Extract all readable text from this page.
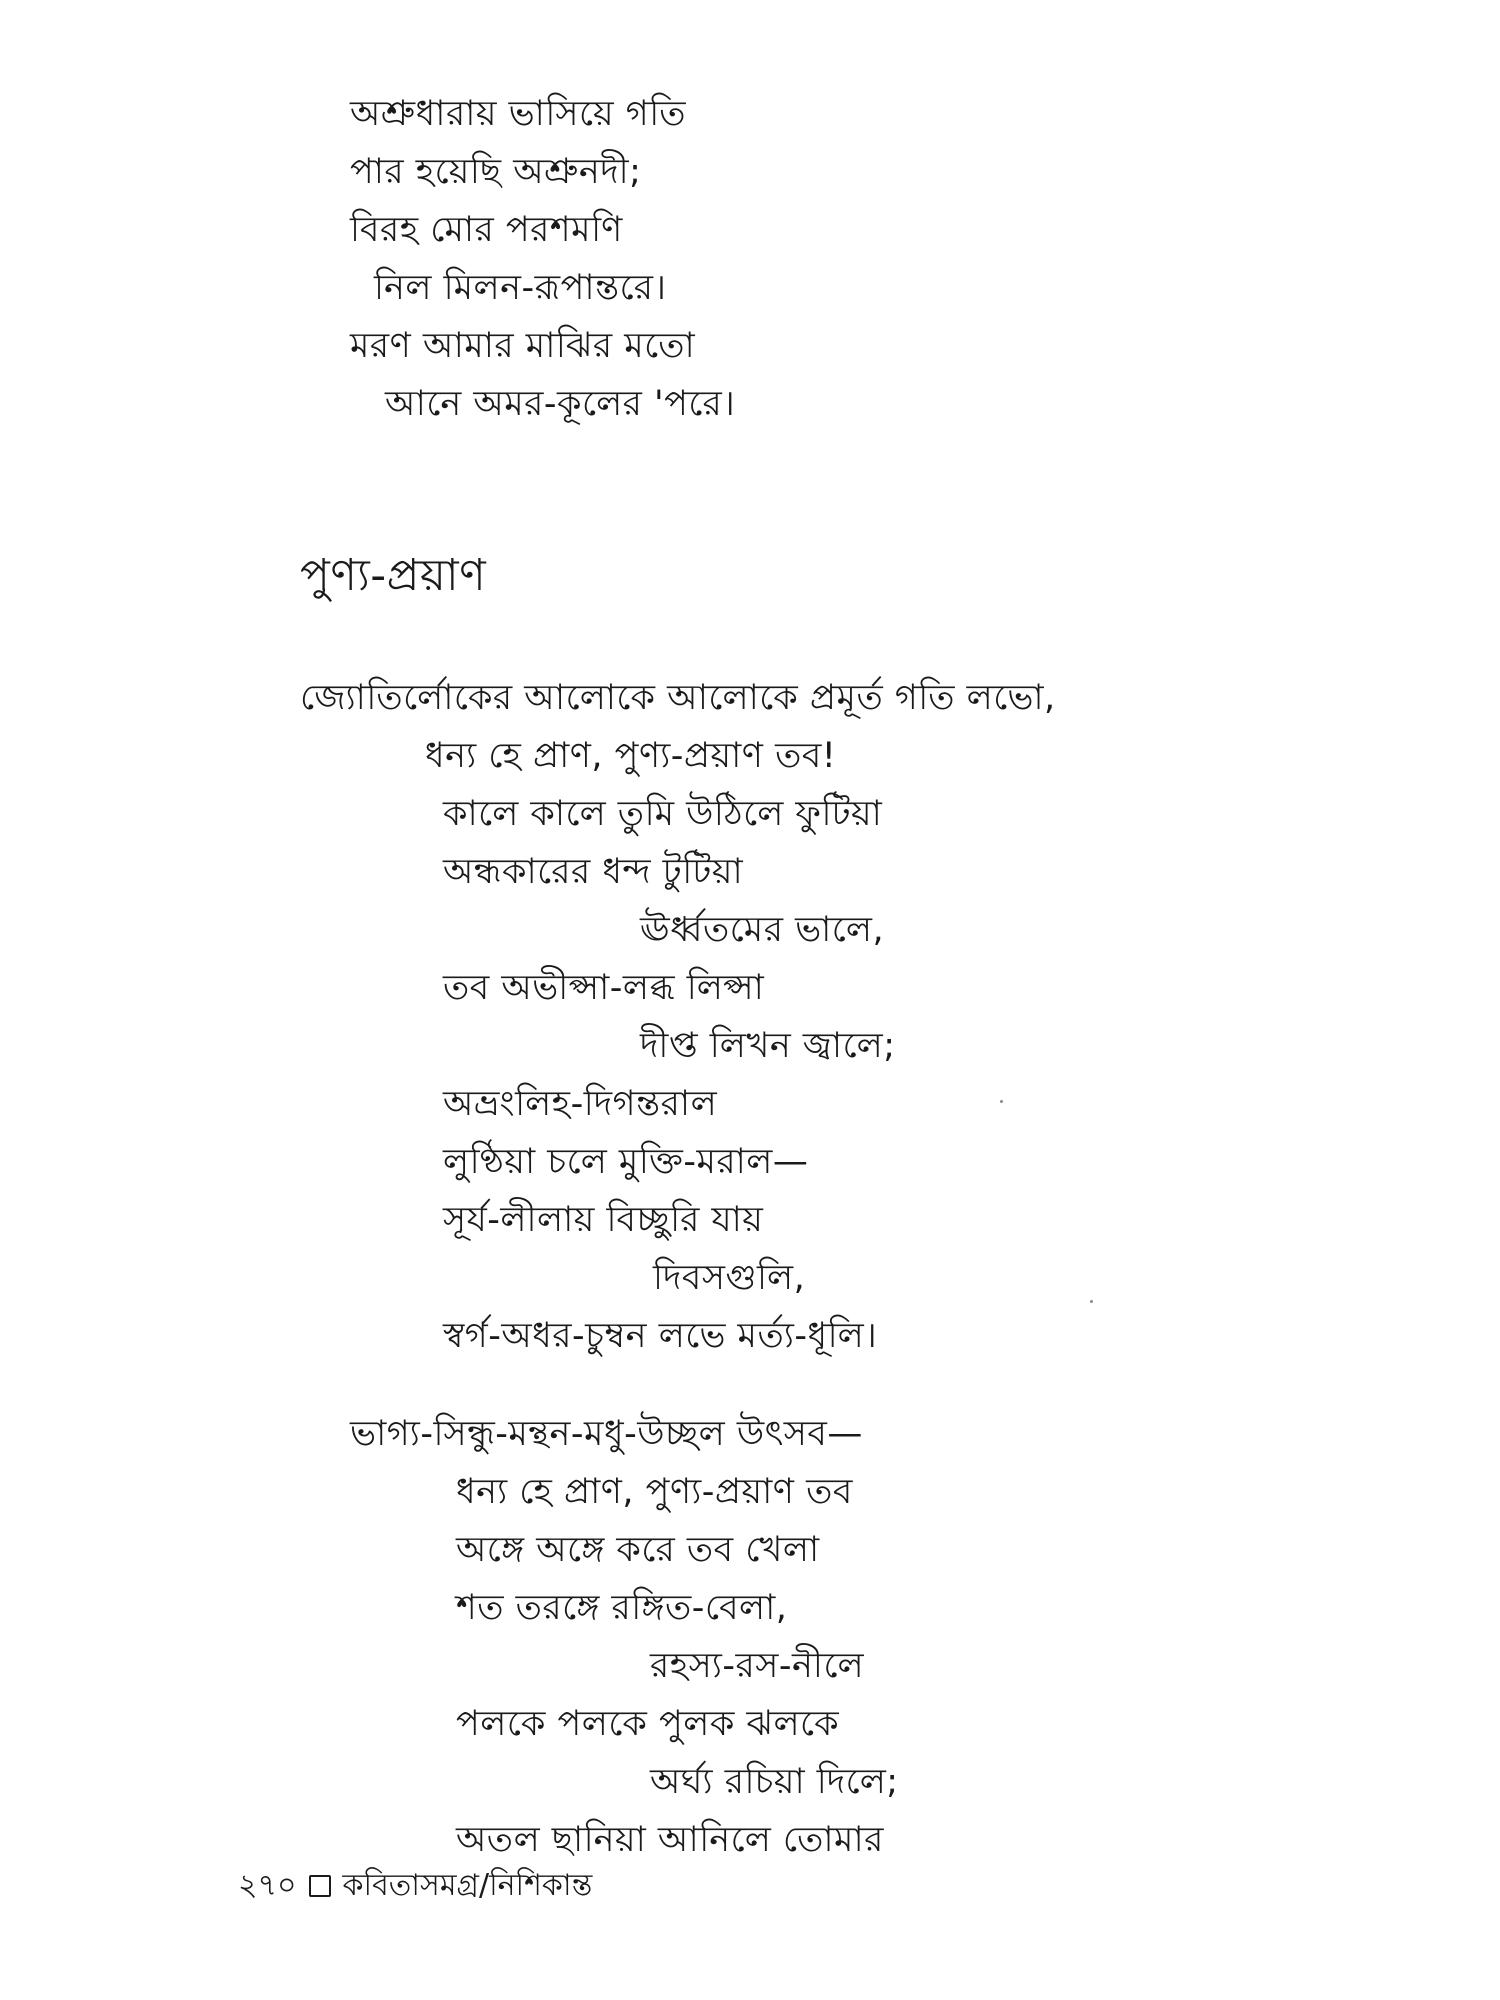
অশ্রুধারায় ভাসিয়ে গতি
পার হয়েছি অশ্রুনদী;
বিরহ মোর পরশমণি
নিল মিলন-রূপান্তরে।
মরণ আমার মাঝির মতো
আনে অমর-কূলের 'পরে।
পুণ্য-প্রয়াণ
জ্যোতির্লোকের আলোকে আলোকে প্রমূর্ত গতি লভো,
ধন্য হে প্রাণ, পুণ্য-প্রয়াণ তব!
কালে কালে তুমি উঠিলে ফুটিয়া
অন্ধকারের ধন্দ টুটিয়া
ঊর্ধ্বতমের ভালে,
তব অভীপ্সা-লব্ধ লিপ্সা
দীপ্ত লিখন জ্বালে;
অভ্রংলিহ-দিগন্তরাল
লুণ্ঠিয়া চলে মুক্তি-মরাল—
সূর্য-লীলায় বিচ্ছুরি যায়
দিবসগুলি,
স্বর্গ-অধর-চুম্বন লভে মর্ত্য-ধূলি।
ভাগ্য-সিন্ধু-মন্থন-মধু-উচ্ছল উৎসব—
ধন্য হে প্রাণ, পুণ্য-প্রয়াণ তব
অঙ্গে অঙ্গে করে তব খেলা
শত তরঙ্গে রঙ্গিত-বেলা,
রহস্য-রস-নীলে
পলকে পলকে পুলক ঝলকে
অর্ঘ্য রচিয়া দিলে;
অতল ছানিয়া আনিলে তোমার
২৭০ কবিতাসমগ্র/নিশিকান্ত
